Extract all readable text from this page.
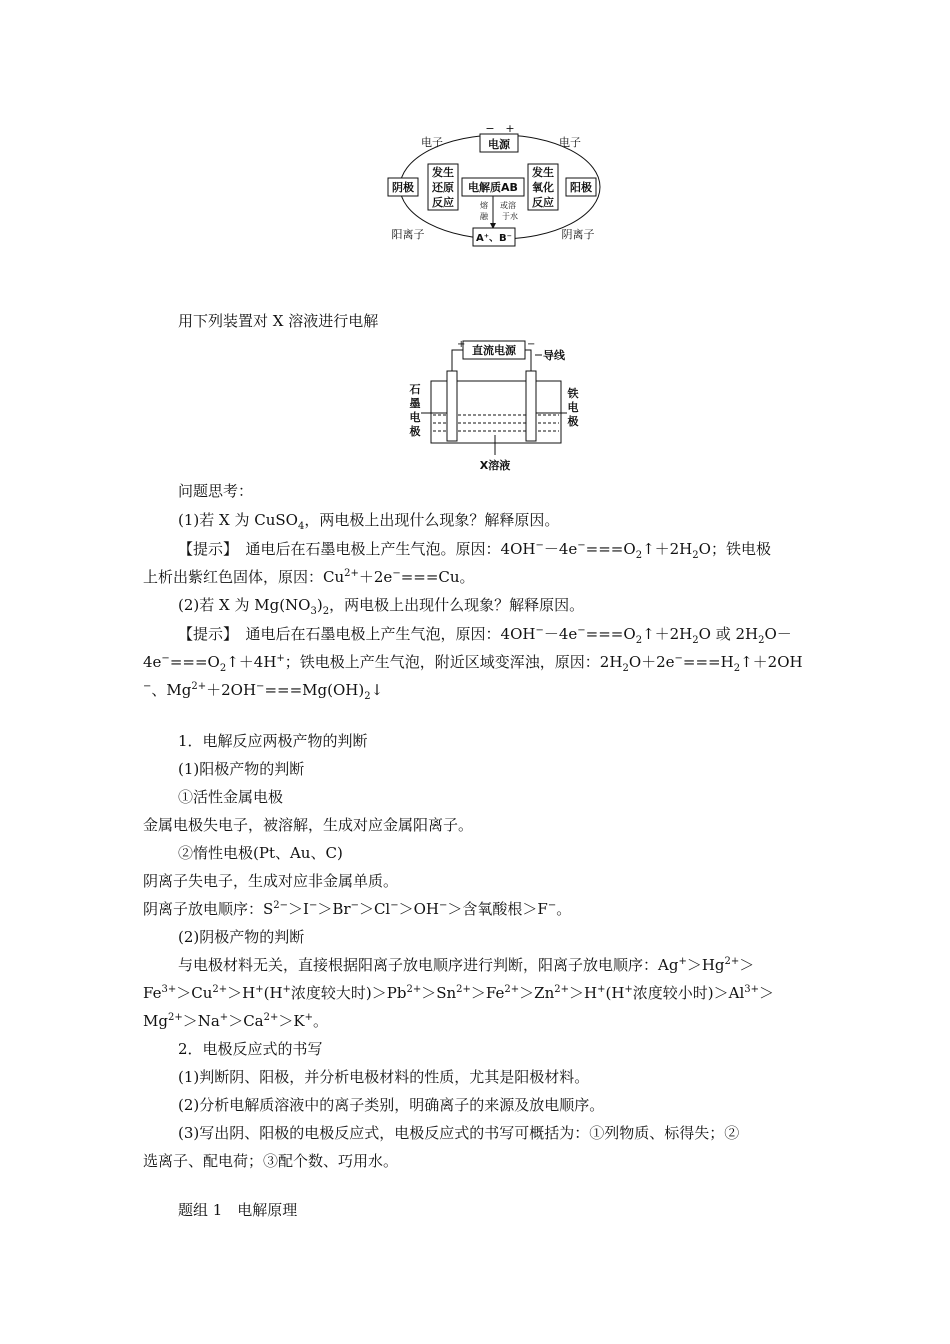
电源
− +
电子	电子
阴极	阳极
发生
还原
反应
发生
氧化
反应
电解质AB
熔
融
或溶
于水
A⁺、B⁻
阳离子	阴离子
用下列装置对 X 溶液进行电解
直流电源
+	−
导线
石
墨
电
极
铁
电
极
X溶液
问题思考：
(1)若 X 为 CuSO$_4$，两电极上出现什么现象？解释原因。
【提示】　 通电后在石墨电极上产生气泡。原因：$4OH^--4e^-===O_2↑+2H_2O$；铁电极
上析出紫红色固体，原因：$Cu^{2+}+2e^-===Cu$。
(2)若 X 为 $Mg(NO_3)_2$，两电极上出现什么现象？解释原因。
【提示】　 通电后在石墨电极上产生气泡，原因：$4OH^--4e^-===O_2↑+2H_2O$ 或 $2H_2O-$
$4e^-===O_2↑+4H^+$；铁电极上产生气泡，附近区域变浑浊，原因：$2H_2O+2e^-===H_2↑+2OH$
−、$Mg^{2+}+2OH^-===Mg(OH)_2↓$
1．电解反应两极产物的判断
(1)阳极产物的判断
①活性金属电极
金属电极失电子，被溶解，生成对应金属阳离子。
②惰性电极(Pt、Au、C)
阴离子失电子，生成对应非金属单质。
阴离子放电顺序：$S^{2-}>I^->Br^->Cl^->OH^->$含氧酸根＞F−。
(2)阴极产物的判断
与电极材料无关，直接根据阳离子放电顺序进行判断，阳离子放电顺序：$Ag^+>Hg^{2+}>$
$Fe^{3+}>Cu^{2+}>H^+(H^+$浓度较大时)$>Pb^{2+}>Sn^{2+}>Fe^{2+}>Zn^{2+}>H^+(H^+$浓度较小时)$>Al^{3+}>$
$Mg^{2+}>Na^+>Ca^{2+}>K^+$。
2．电极反应式的书写
(1)判断阴、阳极，并分析电极材料的性质，尤其是阳极材料。
(2)分析电解质溶液中的离子类别，明确离子的来源及放电顺序。
(3)写出阴、阳极的电极反应式，电极反应式的书写可概括为：①列物质、标得失；②
选离子、配电荷；③配个数、巧用水。
题组 1　电解原理
